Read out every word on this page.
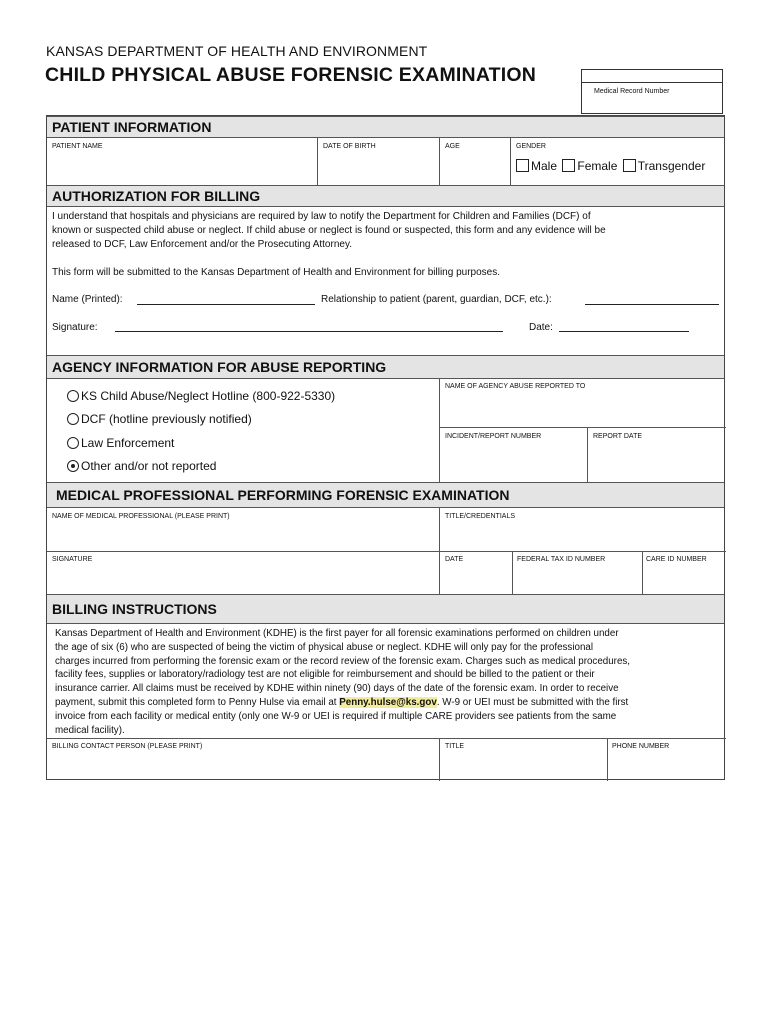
KANSAS DEPARTMENT OF HEALTH AND ENVIRONMENT
CHILD PHYSICAL ABUSE FORENSIC EXAMINATION
Medical Record Number
PATIENT INFORMATION
PATIENT NAME	DATE OF BIRTH	AGE	GENDER
Male Female Transgender
AUTHORIZATION FOR BILLING
I understand that hospitals and physicians are required by law to notify the Department for Children and Families (DCF) of
known or suspected child abuse or neglect. If child abuse or neglect is found or suspected, this form and any evidence will be
released to DCF, Law Enforcement and/or the Prosecuting Attorney.
This form will be submitted to the Kansas Department of Health and Environment for billing purposes.
Name (Printed):	Relationship to patient (parent, guardian, DCF, etc.):
Signature:	Date:
AGENCY INFORMATION FOR ABUSE REPORTING
KS Child Abuse/Neglect Hotline (800-922-5330)
DCF (hotline previously notified)
Law Enforcement
Other and/or not reported
NAME OF AGENCY ABUSE REPORTED TO
INCIDENT/REPORT NUMBER	REPORT DATE
MEDICAL PROFESSIONAL PERFORMING FORENSIC EXAMINATION
NAME OF MEDICAL PROFESSIONAL (PLEASE PRINT)	TITLE/CREDENTIALS
SIGNATURE	DATE	FEDERAL TAX ID NUMBER	CARE ID NUMBER
BILLING INSTRUCTIONS
Kansas Department of Health and Environment (KDHE) is the first payer for all forensic examinations performed on children under
the age of six (6) who are suspected of being the victim of physical abuse or neglect. KDHE will only pay for the professional
charges incurred from performing the forensic exam or the record review of the forensic exam. Charges such as medical procedures,
facility fees, supplies or laboratory/radiology test are not eligible for reimbursement and should be billed to the patient or their
insurance carrier. All claims must be received by KDHE within ninety (90) days of the date of the forensic exam. In order to receive
payment, submit this completed form to Penny Hulse via email at Penny.hulse@ks.gov. W-9 or UEI must be submitted with the first
invoice from each facility or medical entity (only one W-9 or UEI is required if multiple CARE providers see patients from the same
medical facility).
BILLING CONTACT PERSON (PLEASE PRINT)	TITLE	PHONE NUMBER
